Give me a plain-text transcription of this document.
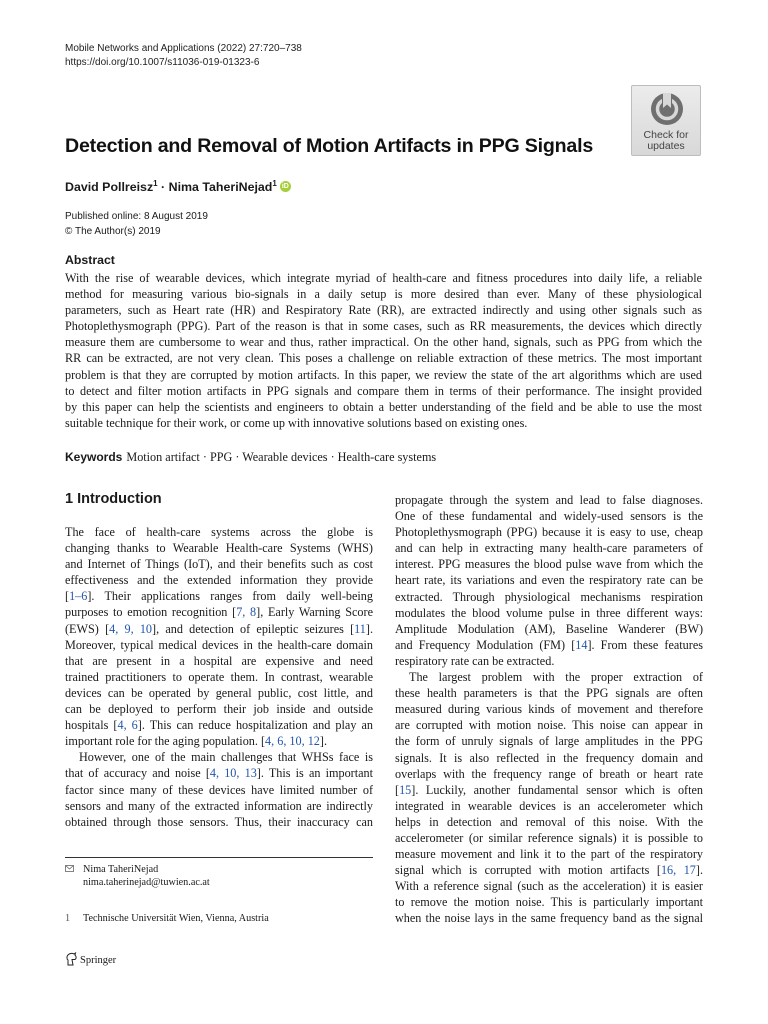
Mobile Networks and Applications (2022) 27:720–738
https://doi.org/10.1007/s11036-019-01323-6
Check for
updates
Detection and Removal of Motion Artifacts in PPG Signals
David Pollreisz$^1$ · Nima TaheriNejad$^1$ iD
Published online: 8 August 2019
© The Author(s) 2019
Abstract
With the rise of wearable devices, which integrate myriad of health-care and fitness procedures into daily life, a reliable
method for measuring various bio-signals in a daily setup is more desired than ever. Many of these physiological
parameters, such as Heart rate (HR) and Respiratory Rate (RR), are extracted indirectly and using other signals such as
Photoplethysmograph (PPG). Part of the reason is that in some cases, such as RR measurements, the devices which directly
measure them are cumbersome to wear and thus, rather impractical. On the other hand, signals, such as PPG from which the
RR can be extracted, are not very clean. This poses a challenge on reliable extraction of these metrics. The most important
problem is that they are corrupted by motion artifacts. In this paper, we review the state of the art algorithms which are used
to detect and filter motion artifacts in PPG signals and compare them in terms of their performance. The insight provided
by this paper can help the scientists and engineers to obtain a better understanding of the field and be able to use the most
suitable technique for their work, or come up with innovative solutions based on existing ones.
Keywords Motion artifact · PPG · Wearable devices · Health-care systems
1 Introduction
The face of health-care systems across the globe is
changing thanks to Wearable Health-care Systems (WHS)
and Internet of Things (IoT), and their benefits such as cost
effectiveness and the extended information they provide
[1–6]. Their applications ranges from daily well-being
purposes to emotion recognition [7, 8], Early Warning Score
(EWS) [4, 9, 10], and detection of epileptic seizures [11].
Moreover, typical medical devices in the health-care domain
that are present in a hospital are expensive and need
trained practitioners to operate them. In contrast, wearable
devices can be operated by general public, cost little, and
can be deployed to perform their job inside and outside
hospitals [4, 6]. This can reduce hospitalization and play an
important role for the aging population. [4, 6, 10, 12].
However, one of the main challenges that WHSs face is
that of accuracy and noise [4, 10, 13]. This is an important
factor since many of these devices have limited number of
sensors and many of the extracted information are indirectly
obtained through those sensors. Thus, their inaccuracy can
propagate through the system and lead to false diagnoses.
One of these fundamental and widely-used sensors is the
Photoplethysmograph (PPG) because it is easy to use, cheap
and can help in extracting many health-care parameters of
interest. PPG measures the blood pulse wave from which the
heart rate, its variations and even the respiratory rate can be
extracted. Through physiological mechanisms respiration
modulates the blood volume pulse in three different ways:
Amplitude Modulation (AM), Baseline Wanderer (BW)
and Frequency Modulation (FM) [14]. From these features
respiratory rate can be extracted.
The largest problem with the proper extraction of
these health parameters is that the PPG signals are often
measured during various kinds of movement and therefore
are corrupted with motion noise. This noise can appear in
the form of unruly signals of large amplitudes in the PPG
signals. It is also reflected in the frequency domain and
overlaps with the frequency range of breath or heart rate
[15]. Luckily, another fundamental sensor which is often
integrated in wearable devices is an accelerometer which
helps in detection and removal of this noise. With the
accelerometer (or similar reference signals) it is possible to
measure movement and link it to the part of the respiratory
signal which is corrupted with motion artifacts [16, 17].
With a reference signal (such as the acceleration) it is easier
to remove the motion noise. This is particularly important
when the noise lays in the same frequency band as the signal
Nima TaheriNejad
nima.taherinejad@tuwien.ac.at
1 Technische Universität Wien, Vienna, Austria
Springer
